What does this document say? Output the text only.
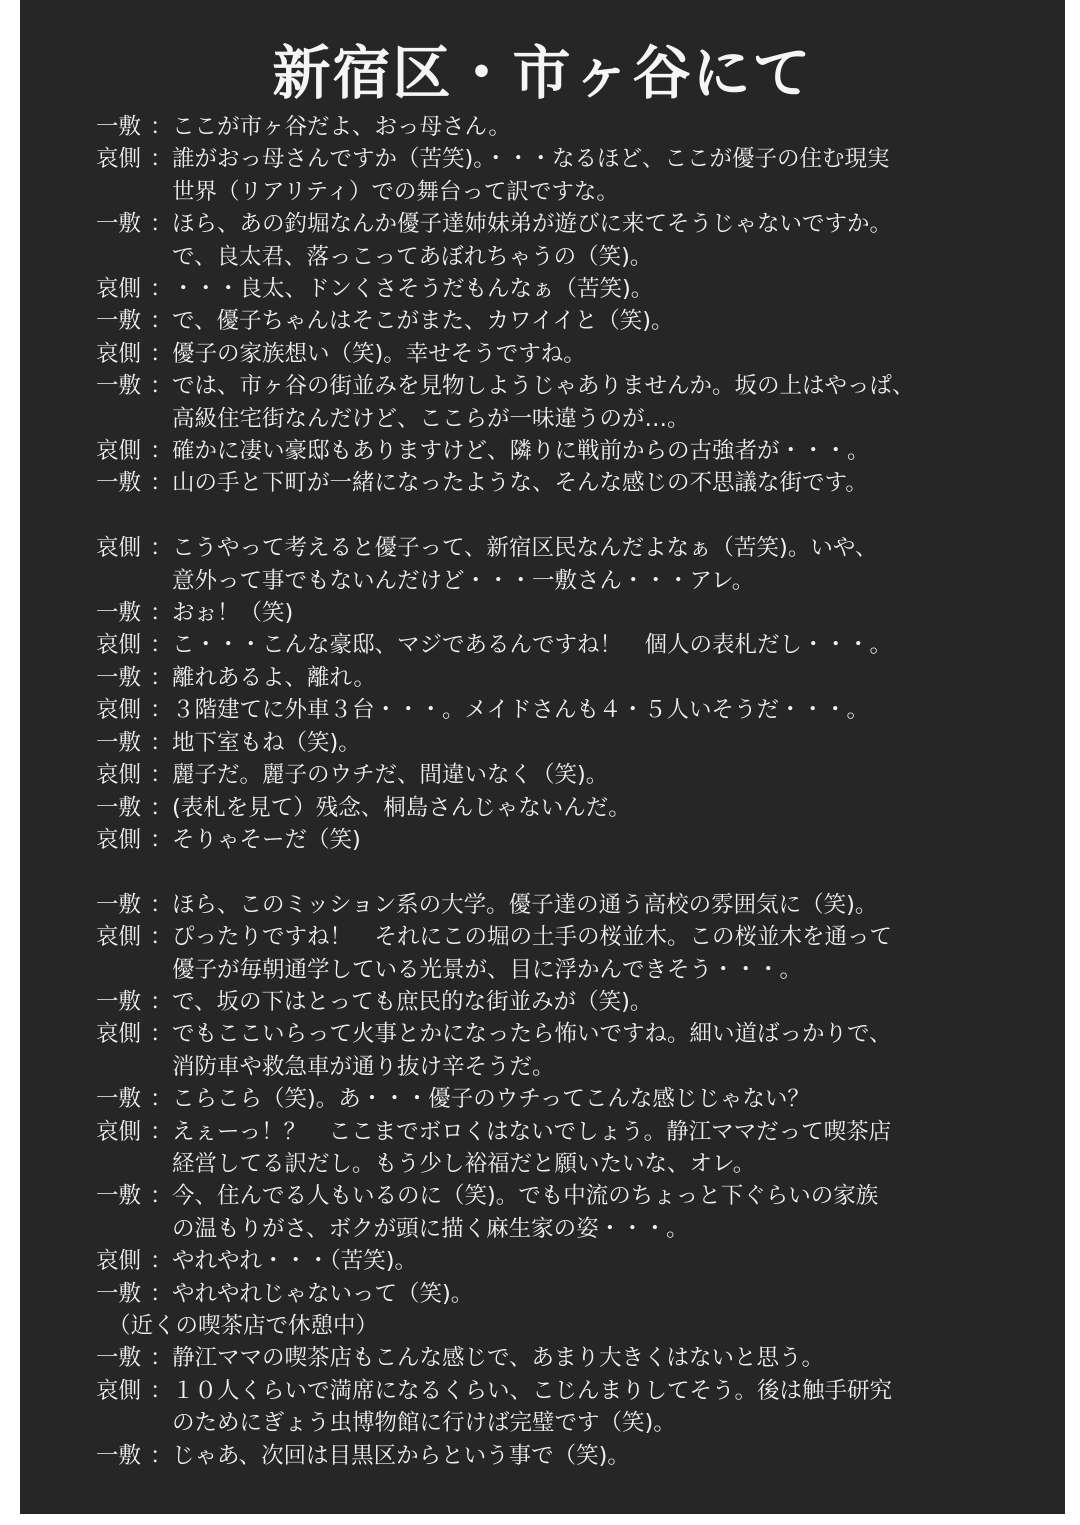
新宿区・市ヶ谷にて
一敷 ： ここが市ヶ谷だよ、おっ母さん。
哀側 ： 誰がおっ母さんですか（苦笑)。・・・なるほど、ここが優子の住む現実
世界（リアリティ）での舞台って訳ですな。
一敷 ： ほら、あの釣堀なんか優子達姉妹弟が遊びに来てそうじゃないですか。
で、良太君、落っこってあぼれちゃうの（笑)。
哀側 ： ・・・良太、ドンくさそうだもんなぁ（苦笑)。
一敷 ： で、優子ちゃんはそこがまた、カワイイと（笑)。
哀側 ： 優子の家族想い（笑)。幸せそうですね。
一敷 ： では、市ヶ谷の街並みを見物しようじゃありませんか。坂の上はやっぱ、
高級住宅街なんだけど、ここらが一味違うのが…。
哀側 ： 確かに凄い豪邸もありますけど、隣りに戦前からの古強者が・・・。
一敷 ： 山の手と下町が一緒になったような、そんな感じの不思議な街です。
哀側 ： こうやって考えると優子って、新宿区民なんだよなぁ（苦笑)。いや、
意外って事でもないんだけど・・・一敷さん・・・アレ。
一敷 ： おぉ！（笑)
哀側 ： こ・・・こんな豪邸、マジであるんですね！　個人の表札だし・・・。
一敷 ： 離れあるよ、離れ。
哀側 ： ３階建てに外車３台・・・。メイドさんも４・５人いそうだ・・・。
一敷 ： 地下室もね（笑)。
哀側 ： 麗子だ。麗子のウチだ、間違いなく（笑)。
一敷 ： (表札を見て）残念、桐島さんじゃないんだ。
哀側 ： そりゃそーだ（笑)
一敷 ： ほら、このミッション系の大学。優子達の通う高校の雰囲気に（笑)。
哀側 ： ぴったりですね！　それにこの堀の土手の桜並木。この桜並木を通って
優子が毎朝通学している光景が、目に浮かんできそう・・・。
一敷 ： で、坂の下はとっても庶民的な街並みが（笑)。
哀側 ： でもここいらって火事とかになったら怖いですね。細い道ばっかりで、
消防車や救急車が通り抜け辛そうだ。
一敷 ： こらこら（笑)。あ・・・優子のウチってこんな感じじゃない？
哀側 ： えぇーっ！？　ここまでボロくはないでしょう。静江ママだって喫茶店
経営してる訳だし。もう少し裕福だと願いたいな、オレ。
一敷 ： 今、住んでる人もいるのに（笑)。でも中流のちょっと下ぐらいの家族
の温もりがさ、ボクが頭に描く麻生家の姿・・・。
哀側 ： やれやれ・・・（苦笑)。
一敷 ： やれやれじゃないって（笑)。
（近くの喫茶店で休憩中）
一敷 ： 静江ママの喫茶店もこんな感じで、あまり大きくはないと思う。
哀側 ： １０人くらいで満席になるくらい、こじんまりしてそう。後は触手研究
のためにぎょう虫博物館に行けば完璧です（笑)。
一敷 ： じゃあ、次回は目黒区からという事で（笑)。
